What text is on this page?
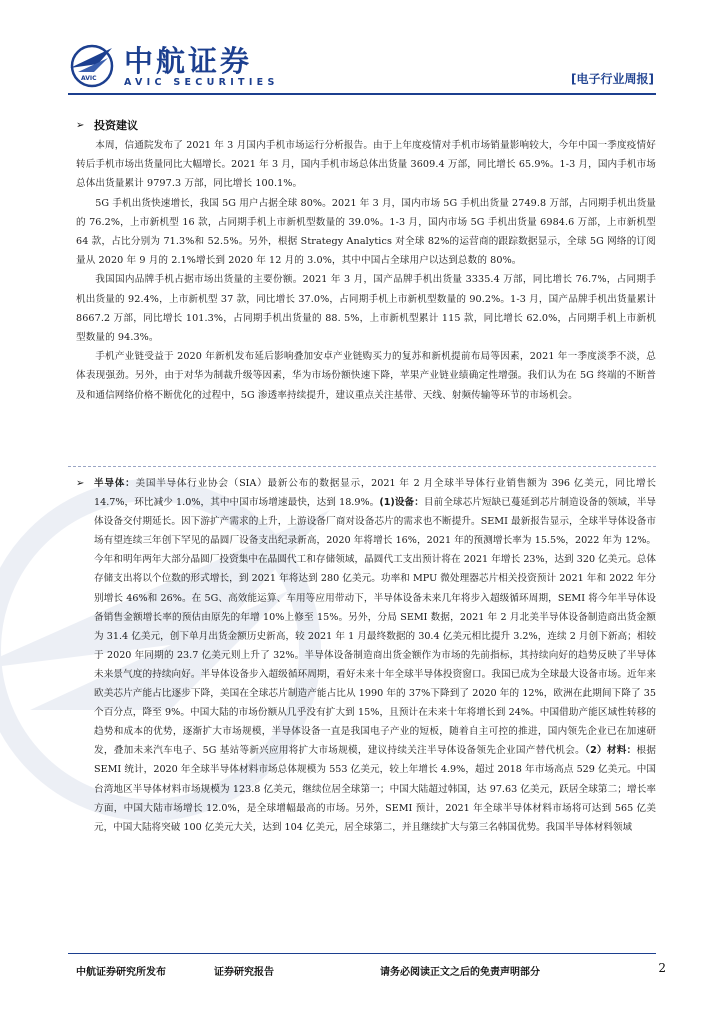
AVIC
中航证券
AVIC SECURITIES	[电子行业周报]
➢ 投资建议

本周，信通院发布了 2021 年 3 月国内手机市场运行分析报告。由于上年度疫情对手机市场销量影响较大，今年中国一季度疫情好转后手机市场出货量同比大幅增长。2021 年 3 月，国内手机市场总体出货量 3609.4 万部，同比增长 65.9%。1-3 月，国内手机市场总体出货量累计 9797.3 万部，同比增长 100.1%。

5G 手机出货快速增长，我国 5G 用户占据全球 80%。2021 年 3 月，国内市场 5G 手机出货量 2749.8 万部，占同期手机出货量的 76.2%，上市新机型 16 款，占同期手机上市新机型数量的 39.0%。1-3 月，国内市场 5G 手机出货量 6984.6 万部，上市新机型 64 款，占比分别为 71.3%和 52.5%。另外，根据 Strategy Analytics 对全球 82%的运营商的跟踪数据显示，全球 5G 网络的订阅量从 2020 年 9 月的 2.1%增长到 2020 年 12 月的 3.0%，其中中国占全球用户以达到总数的 80%。

我国国内品牌手机占据市场出货量的主要份额。2021 年 3 月，国产品牌手机出货量 3335.4 万部，同比增长 76.7%，占同期手机出货量的 92.4%，上市新机型 37 款，同比增长 37.0%，占同期手机上市新机型数量的 90.2%。1-3 月，国产品牌手机出货量累计 8667.2 万部，同比增长 101.3%，占同期手机出货量的 88. 5%，上市新机型累计 115 款，同比增长 62.0%，占同期手机上市新机型数量的 94.3%。

手机产业链受益于 2020 年新机发布延后影响叠加安卓产业链购买力的复苏和新机提前布局等因素，2021 年一季度淡季不淡，总体表现强劲。另外，由于对华为制裁升级等因素，华为市场份额快速下降，苹果产业链业绩确定性增强。我们认为在 5G 终端的不断普及和通信网络价格不断优化的过程中，5G 渗透率持续提升，建议重点关注基带、天线、射频传输等环节的市场机会。

➢ 半导体：美国半导体行业协会（SIA）最新公布的数据显示，2021 年 2 月全球半导体行业销售额为 396 亿美元，同比增长 14.7%，环比减少 1.0%，其中中国市场增速最快，达到 18.9%。(1)设备：目前全球芯片短缺已蔓延到芯片制造设备的领域，半导体设备交付期延长。因下游扩产需求的上升，上游设备厂商对设备芯片的需求也不断提升。SEMI 最新报告显示，全球半导体设备市场有望连续三年创下罕见的晶圆厂设备支出纪录新高，2020 年将增长 16%，2021 年的预测增长率为 15.5%，2022 年为 12%。今年和明年两年大部分晶圆厂投资集中在晶圆代工和存储领域，晶圆代工支出预计将在 2021 年增长 23%，达到 320 亿美元。总体存储支出将以个位数的形式增长，到 2021 年将达到 280 亿美元。功率和 MPU 微处理器芯片相关投资预计 2021 年和 2022 年分别增长 46%和 26%。在 5G、高效能运算、车用等应用带动下，半导体设备未来几年将步入超级循环周期，SEMI 将今年半导体设备销售金额增长率的预估由原先的年增 10%上修至 15%。另外，分局 SEMI 数据，2021 年 2 月北美半导体设备制造商出货金额为 31.4 亿美元，创下单月出货金额历史新高，较 2021 年 1 月最终数据的 30.4 亿美元相比提升 3.2%，连续 2 月创下新高；相较于 2020 年同期的 23.7 亿美元则上升了 32%。半导体设备制造商出货金额作为市场的先前指标，其持续向好的趋势反映了半导体未来景气度的持续向好。半导体设备步入超级循环周期，看好未来十年全球半导体投资窗口。我国已成为全球最大设备市场。近年来欧美芯片产能占比逐步下降，美国在全球芯片制造产能占比从 1990 年的 37%下降到了 2020 年的 12%，欧洲在此期间下降了 35 个百分点，降至 9%。中国大陆的市场份额从几乎没有扩大到 15%，且预计在未来十年将增长到 24%。中国借助产能区域性转移的趋势和成本的优势，逐渐扩大市场规模，半导体设备一直是我国电子产业的短板，随着自主可控的推进，国内领先企业已在加速研发，叠加未来汽车电子、5G 基站等新兴应用将扩大市场规模，建议持续关注半导体设备领先企业国产替代机会。（2）材料：根据 SEMI 统计，2020 年全球半导体材料市场总体规模为 553 亿美元，较上年增长 4.9%，超过 2018 年市场高点 529 亿美元。中国台湾地区半导体材料市场规模为 123.8 亿美元，继续位居全球第一；中国大陆超过韩国，达 97.63 亿美元，跃居全球第二；增长率方面，中国大陆市场增长 12.0%，是全球增幅最高的市场。另外，SEMI 预计，2021 年全球半导体材料市场将可达到 565 亿美元，中国大陆将突破 100 亿美元大关，达到 104 亿美元，居全球第二，并且继续扩大与第三名韩国优势。我国半导体材料领域

中航证券研究所发布	证券研究报告	请务必阅读正文之后的免责声明部分	2
